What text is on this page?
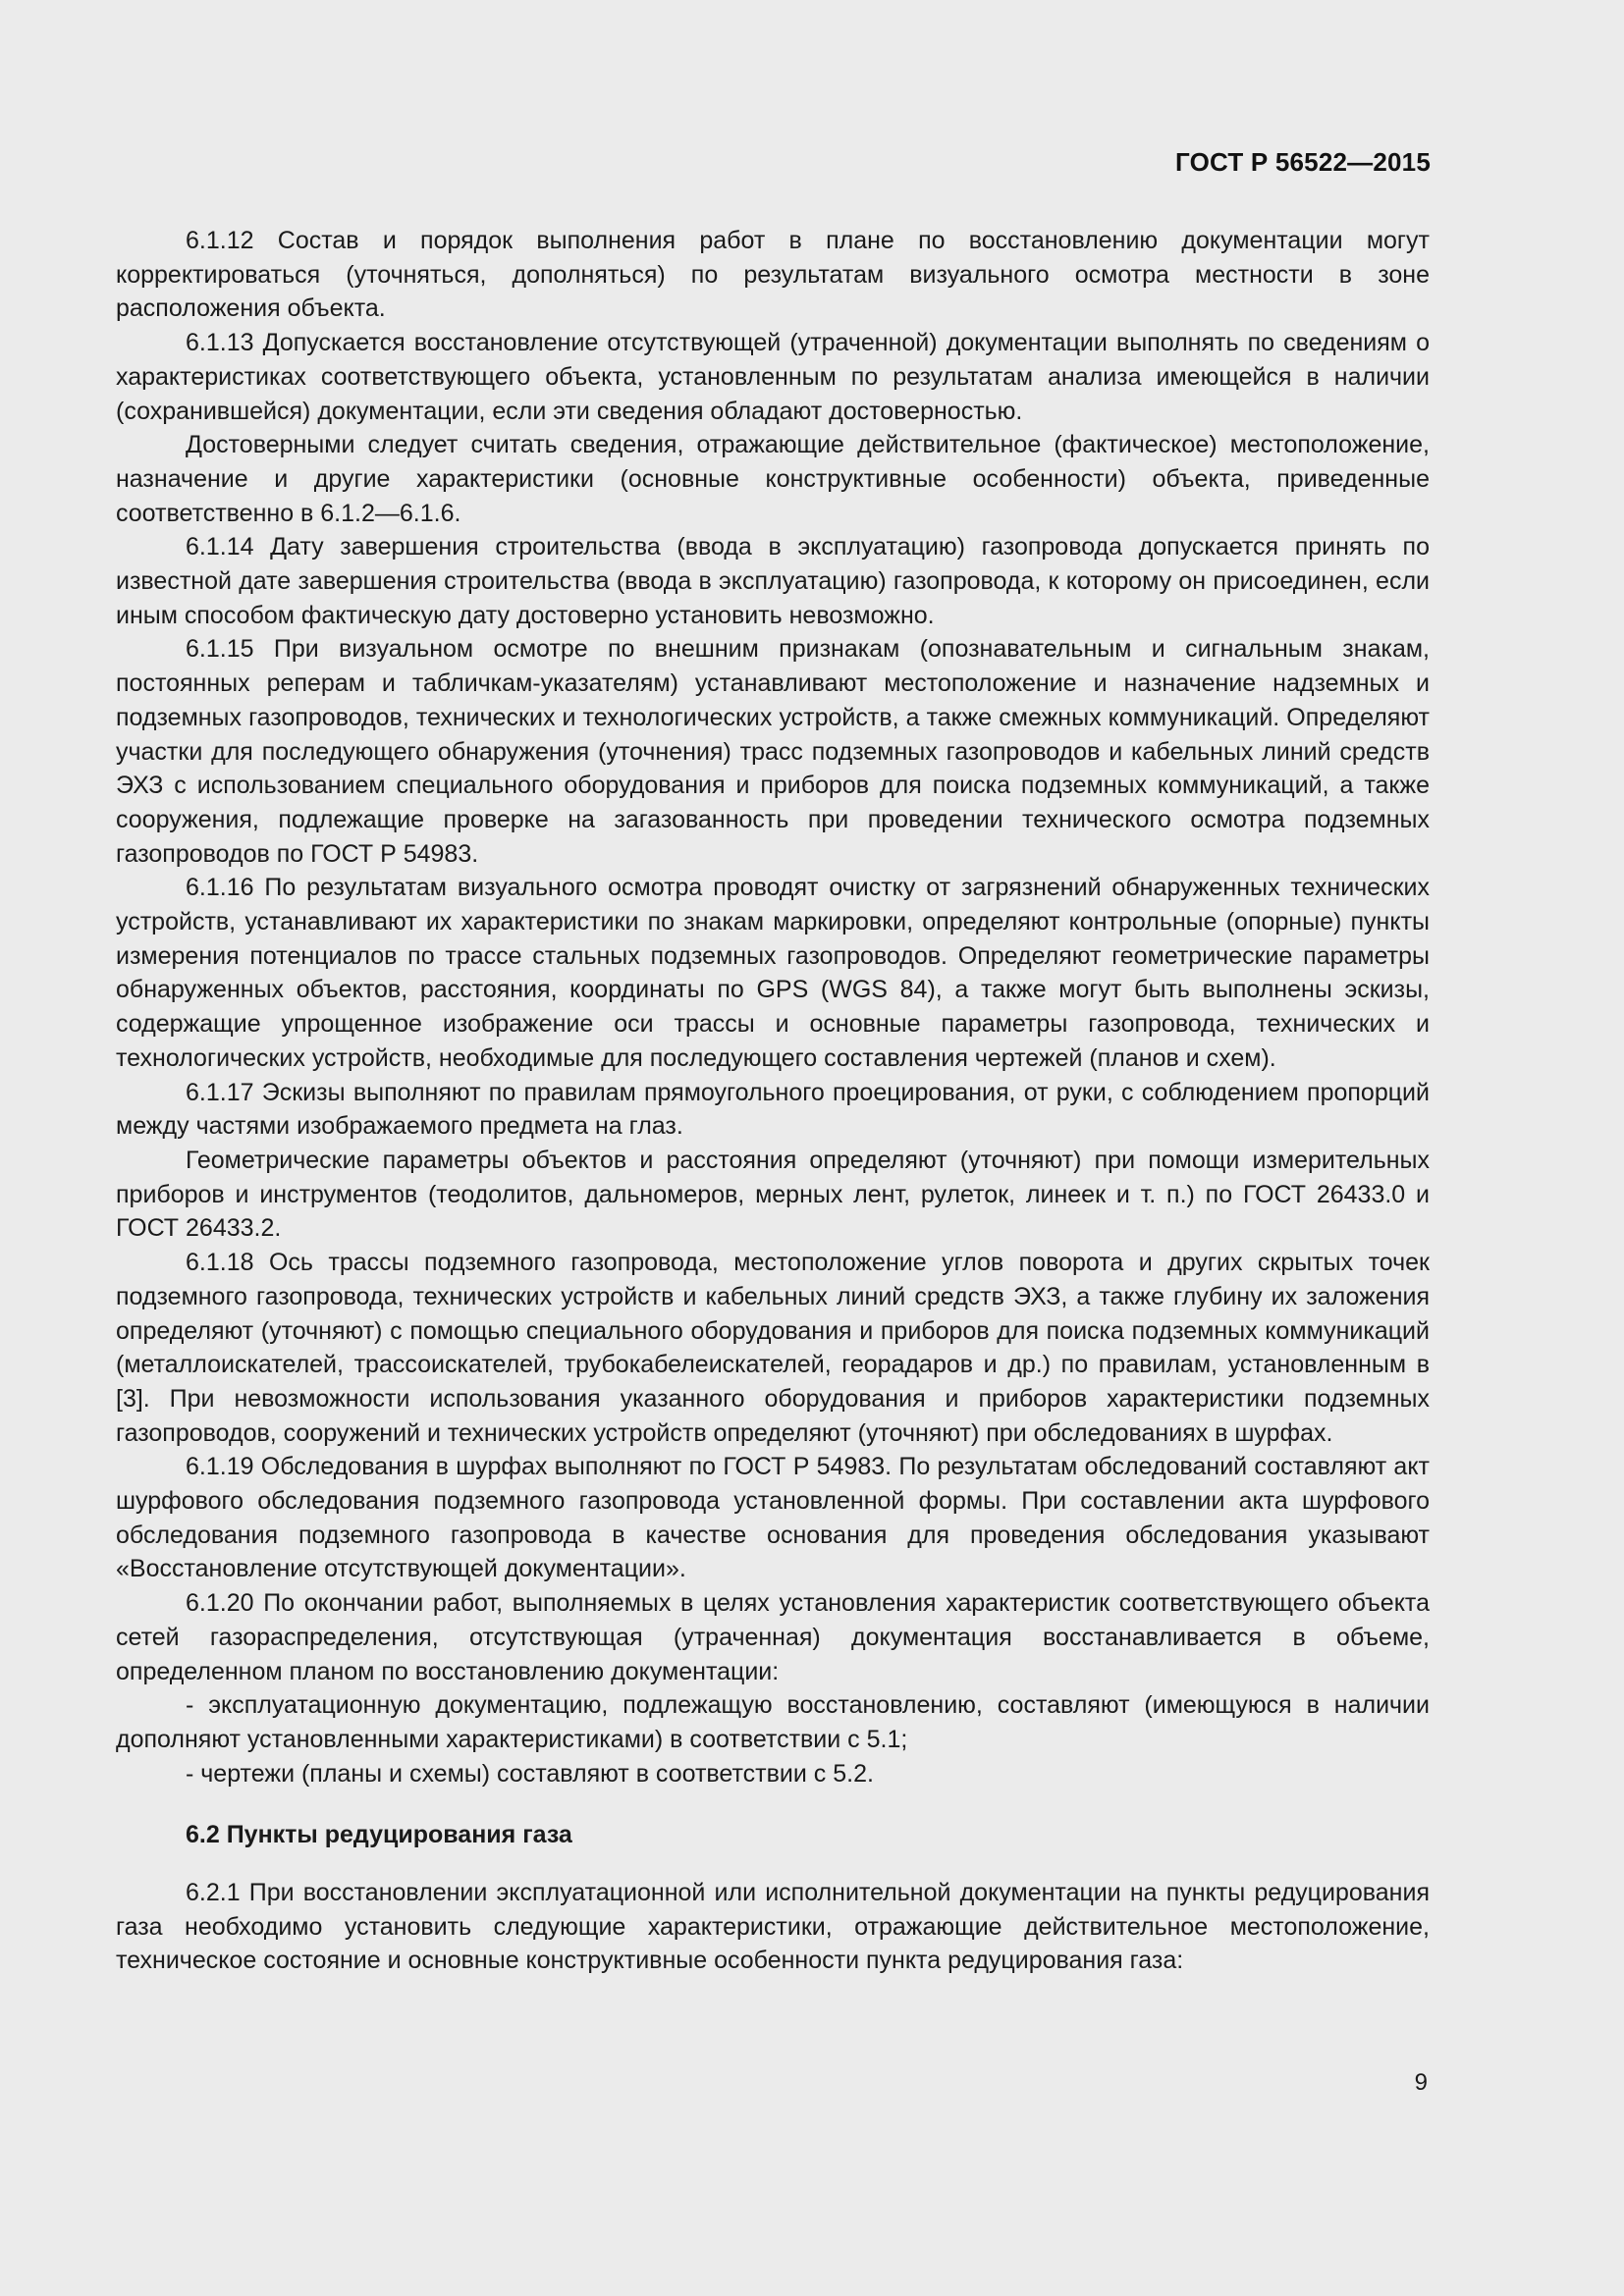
ГОСТ Р 56522—2015

6.1.12 Состав и порядок выполнения работ в плане по восстановлению документации могут корректироваться (уточняться, дополняться) по результатам визуального осмотра местности в зоне расположения объекта.

6.1.13 Допускается восстановление отсутствующей (утраченной) документации выполнять по сведениям о характеристиках соответствующего объекта, установленным по результатам анализа имеющейся в наличии (сохранившейся) документации, если эти сведения обладают достоверностью.

Достоверными следует считать сведения, отражающие действительное (фактическое) местоположение, назначение и другие характеристики (основные конструктивные особенности) объекта, приведенные соответственно в 6.1.2—6.1.6.

6.1.14 Дату завершения строительства (ввода в эксплуатацию) газопровода допускается принять по известной дате завершения строительства (ввода в эксплуатацию) газопровода, к которому он присоединен, если иным способом фактическую дату достоверно установить невозможно.

6.1.15 При визуальном осмотре по внешним признакам (опознавательным и сигнальным знакам, постоянных реперам и табличкам-указателям) устанавливают местоположение и назначение надземных и подземных газопроводов, технических и технологических устройств, а также смежных коммуникаций. Определяют участки для последующего обнаружения (уточнения) трасс подземных газопроводов и кабельных линий средств ЭХЗ с использованием специального оборудования и приборов для поиска подземных коммуникаций, а также сооружения, подлежащие проверке на загазованность при проведении технического осмотра подземных газопроводов по ГОСТ Р 54983.

6.1.16 По результатам визуального осмотра проводят очистку от загрязнений обнаруженных технических устройств, устанавливают их характеристики по знакам маркировки, определяют контрольные (опорные) пункты измерения потенциалов по трассе стальных подземных газопроводов. Определяют геометрические параметры обнаруженных объектов, расстояния, координаты по GPS (WGS 84), а также могут быть выполнены эскизы, содержащие упрощенное изображение оси трассы и основные параметры газопровода, технических и технологических устройств, необходимые для последующего составления чертежей (планов и схем).

6.1.17 Эскизы выполняют по правилам прямоугольного проецирования, от руки, с соблюдением пропорций между частями изображаемого предмета на глаз.

Геометрические параметры объектов и расстояния определяют (уточняют) при помощи измерительных приборов и инструментов (теодолитов, дальномеров, мерных лент, рулеток, линеек и т. п.) по ГОСТ 26433.0 и ГОСТ 26433.2.

6.1.18 Ось трассы подземного газопровода, местоположение углов поворота и других скрытых точек подземного газопровода, технических устройств и кабельных линий средств ЭХЗ, а также глубину их заложения определяют (уточняют) с помощью специального оборудования и приборов для поиска подземных коммуникаций (металлоискателей, трассоискателей, трубокабелеискателей, георадаров и др.) по правилам, установленным в [3]. При невозможности использования указанного оборудования и приборов характеристики подземных газопроводов, сооружений и технических устройств определяют (уточняют) при обследованиях в шурфах.

6.1.19 Обследования в шурфах выполняют по ГОСТ Р 54983. По результатам обследований составляют акт шурфового обследования подземного газопровода установленной формы. При составлении акта шурфового обследования подземного газопровода в качестве основания для проведения обследования указывают «Восстановление отсутствующей документации».

6.1.20 По окончании работ, выполняемых в целях установления характеристик соответствующего объекта сетей газораспределения, отсутствующая (утраченная) документация восстанавливается в объеме, определенном планом по восстановлению документации:

- эксплуатационную документацию, подлежащую восстановлению, составляют (имеющуюся в наличии дополняют установленными характеристиками) в соответствии с 5.1;

- чертежи (планы и схемы) составляют в соответствии с 5.2.

6.2 Пункты редуцирования газа

6.2.1 При восстановлении эксплуатационной или исполнительной документации на пункты редуцирования газа необходимо установить следующие характеристики, отражающие действительное местоположение, техническое состояние и основные конструктивные особенности пункта редуцирования газа:

9
